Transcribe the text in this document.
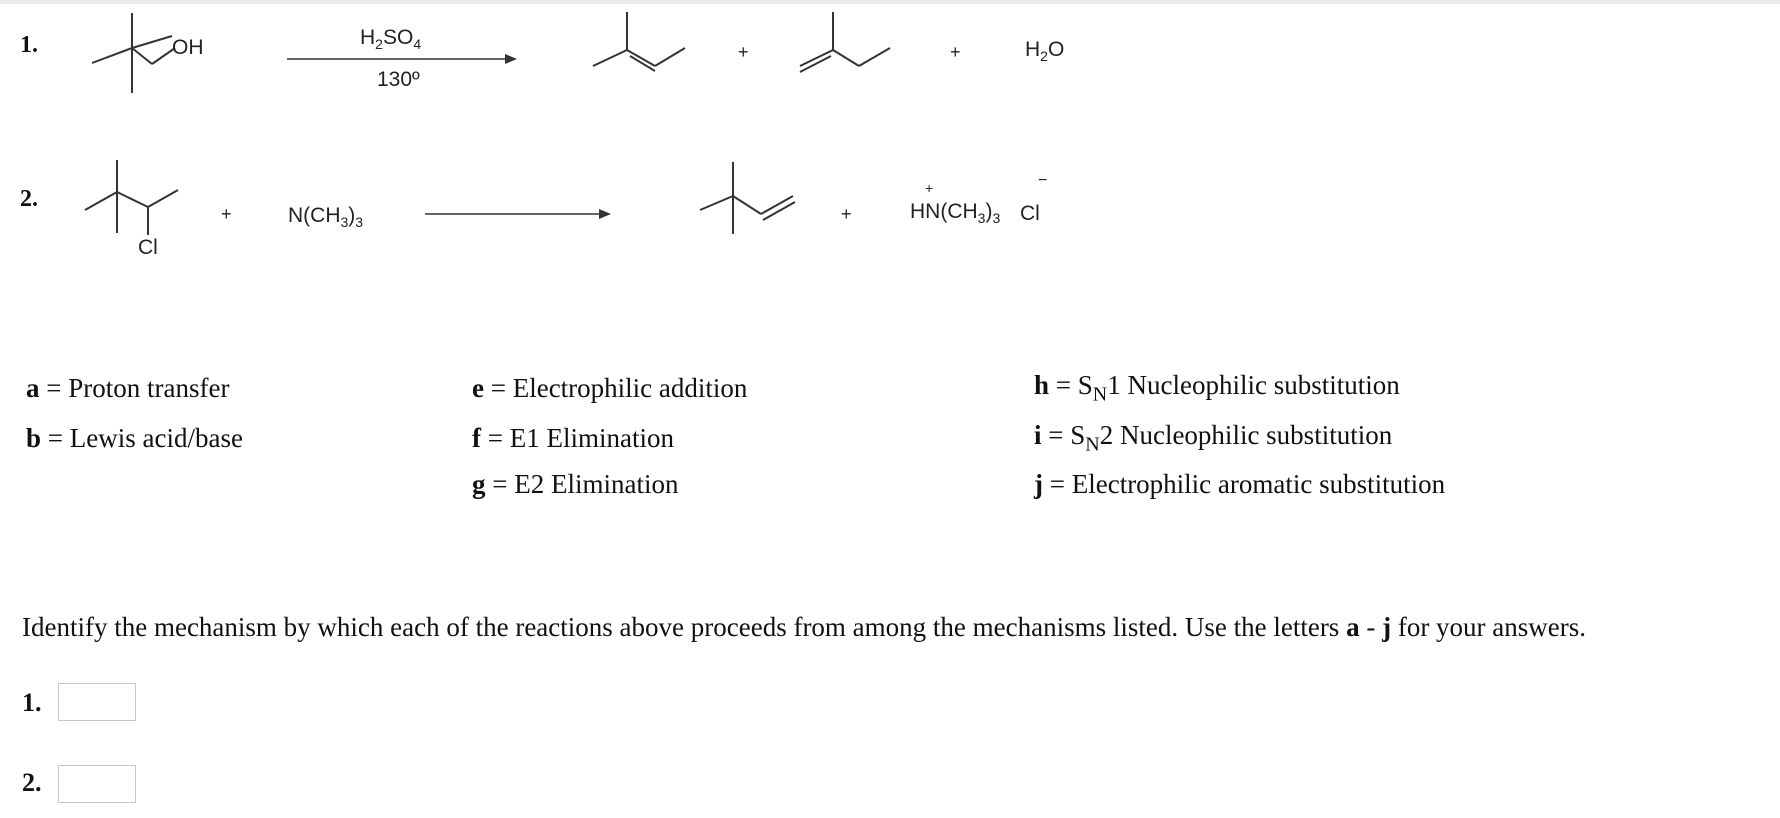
1.	OH	$H_2SO_4$
130º
+	+	$H_2O$
2.
Cl
+	$N(CH_3)_3$	+
+
$HN(CH_3)_3$ Cl
−
a = Proton transfer
b = Lewis acid/base
e = Electrophilic addition
f = E1 Elimination
g = E2 Elimination
$h = S_N1$ Nucleophilic substitution
$i = S_N2$ Nucleophilic substitution
j = Electrophilic aromatic substitution
Identify the mechanism by which each of the reactions above proceeds from among the mechanisms listed. Use the letters a - j for your answers.
1.
2.
